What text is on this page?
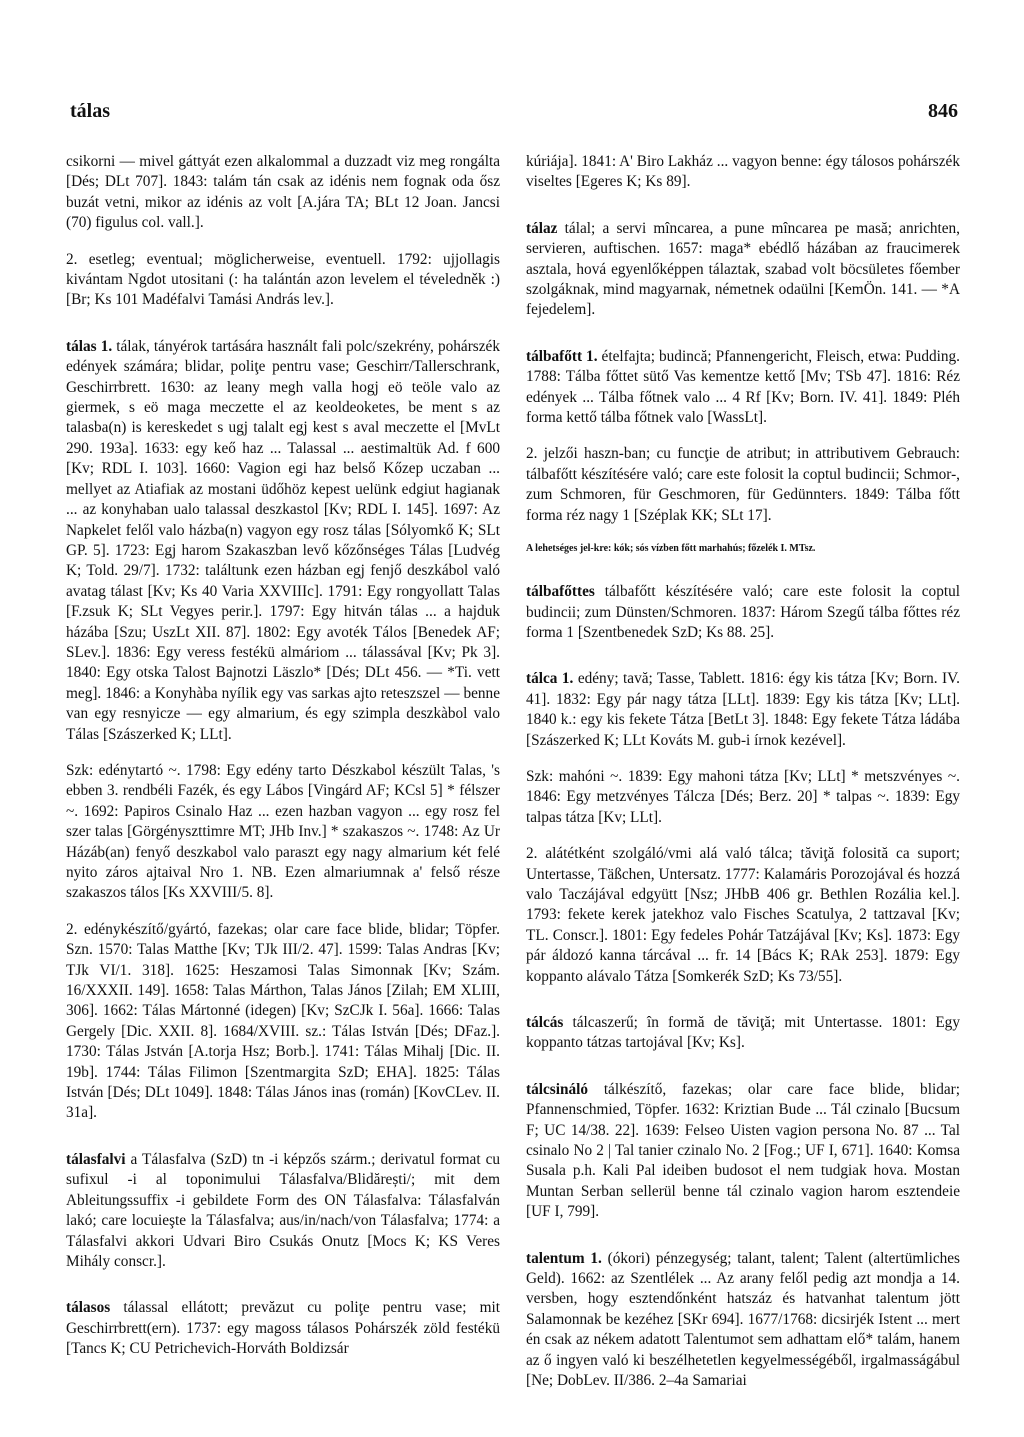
tálas	846

csikorni — mivel gáttyát ezen alkalommal a duzzadt viz meg rongálta [Dés; DLt 707]. 1843: talám tán csak az idénis nem fognak oda ősz buzát vetni, mikor az idénis az volt [A.jára TA; BLt 12 Joan. Jancsi (70) figulus col. vall.].

2. esetleg; eventual; möglicherweise, eventuell. 1792: ujjollagis kivántam Ngdot utositani (: ha talántán azon levelem el téveledněk :) [Br; Ks 101 Madéfalvi Tamási András lev.].

tálas 1. tálak, tányérok tartására használt fali polc/szekrény, pohárszék edények számára; blidar, poliţe pentru vase; Geschirr/Tallerschrank, Geschirrbrett. 1630: az leany megh valla hogj eö teöle valo az giermek, s eö maga meczette el az keoldeoketes, be ment s az talasba(n) is kereskedet s ugj talalt egj kest s aval meczette el [MvLt 290. 193a]. 1633: egy keő haz ... Talassal ... aestimaltük Ad. f 600 [Kv; RDL I. 103]. 1660: Vagion egi haz belső Kőzep uczaban ... mellyet az Atiafiak az mostani üdőhöz kepest uelünk edgiut hagianak ... az konyhaban ualo talassal deszkastol [Kv; RDL I. 145]. 1697: Az Napkelet felől valo házba(n) vagyon egy rosz tálas [Sólyomkő K; SLt GP. 5]. 1723: Egj harom Szakaszban levő kőzőnséges Tálas [Ludvég K; Told. 29/7]. 1732: találtunk ezen házban egj fenjő deszkábol való avatag tálast [Kv; Ks 40 Varia XXVIIIc]. 1791: Egy rongyollatt Talas [F.zsuk K; SLt Vegyes perir.]. 1797: Egy hitván tálas ... a hajduk házába [Szu; UszLt XII. 87]. 1802: Egy avoték Tálos [Benedek AF; SLev.]. 1836: Egy veress festékü almáriom ... tálassával [Kv; Pk 3]. 1840: Egy otska Talost Bajnotzi Läszlo* [Dés; DLt 456. — *Ti. vett meg]. 1846: a Konyhàba nyílik egy vas sarkas ajto reteszszel — benne van egy resnyicze — egy almarium, és egy szimpla deszkàbol valo Tálas [Szászerked K; LLt].

Szk: edénytartó ~. 1798: Egy edény tarto Dészkabol készült Talas, 's ebben 3. rendbéli Fazék, és egy Lábos [Vingárd AF; KCsl 5] * félszer ~. 1692: Papiros Csinalo Haz ... ezen hazban vagyon ... egy rosz fel szer talas [Görgényszttimre MT; JHb Inv.] * szakaszos ~. 1748: Az Ur Házáb(an) fenyő deszkabol valo paraszt egy nagy almarium két felé nyito záros ajtaival Nro 1. NB. Ezen almariumnak a' felső része szakaszos tálos [Ks XXVIII/5. 8].

2. edénykészítő/gyártó, fazekas; olar care face blide, blidar; Töpfer. Szn. 1570: Talas Matthe [Kv; TJk III/2. 47]. 1599: Talas Andras [Kv; TJk VI/1. 318]. 1625: Heszamosi Talas Simonnak [Kv; Szám. 16/XXXII. 149]. 1658: Talas Márthon, Talas János [Zilah; EM XLIII, 306]. 1662: Tálas Mártonné (idegen) [Kv; SzCJk I. 56a]. 1666: Talas Gergely [Dic. XXII. 8]. 1684/XVIII. sz.: Tálas István [Dés; DFaz.]. 1730: Tálas Jstván [A.torja Hsz; Borb.]. 1741: Tálas Mihalj [Dic. II. 19b]. 1744: Tálas Filimon [Szentmargita SzD; EHA]. 1825: Tálas István [Dés; DLt 1049]. 1848: Tálas János inas (román) [KovCLev. II. 31a].

tálasfalvi a Tálasfalva (SzD) tn -i képzős szárm.; derivatul format cu sufixul -i al toponimului Tálasfalva/Blidărești/; mit dem Ableitungssuffix -i gebildete Form des ON Tálasfalva: Tálasfalván lakó; care locuieşte la Tálasfalva; aus/in/nach/von Tálasfalva; 1774: a Tálasfalvi akkori Udvari Biro Csukás Onutz [Mocs K; KS Veres Mihály conscr.].

tálasos tálassal ellátott; prevăzut cu poliţe pentru vase; mit Geschirrbrett(ern). 1737: egy magoss tálasos Pohárszék zöld festékü [Tancs K; CU Petrichevich-Horváth Boldizsár

kúriája]. 1841: A' Biro Lakház ... vagyon benne: égy tálosos pohárszék viseltes [Egeres K; Ks 89].

tálaz tálal; a servi mîncarea, a pune mîncarea pe masă; anrichten, servieren, auftischen. 1657: maga* ebédlő házában az fraucimerek asztala, hová egyenlőképpen tálaztak, szabad volt böcsületes főember szolgáknak, mind magyarnak, németnek odaülni [KemÖn. 141. — *A fejedelem].

tálbafőtt 1. ételfajta; budincă; Pfannengericht, Fleisch, etwa: Pudding. 1788: Tálba főttet sütő Vas kementze kettő [Mv; TSb 47]. 1816: Réz edények ... Tálba főtnek valo ... 4 Rf [Kv; Born. IV. 41]. 1849: Pléh forma kettő tálba főtnek valo [WassLt].

2. jelzői haszn-ban; cu funcţie de atribut; in attributivem Gebrauch: tálbafőtt készítésére való; care este folosit la coptul budincii; Schmor-, zum Schmoren, für Geschmoren, für Gedünnters. 1849: Tálba főtt forma réz nagy 1 [Széplak KK; SLt 17].

A lehetséges jel-kre: kók; sós vízben főtt marhahús; főzelék I. MTsz.

tálbafőttes tálbafőtt készítésére való; care este folosit la coptul budincii; zum Dünsten/Schmoren. 1837: Három Szegű tálba főttes réz forma 1 [Szentbenedek SzD; Ks 88. 25].

tálca 1. edény; tavă; Tasse, Tablett. 1816: égy kis tátza [Kv; Born. IV. 41]. 1832: Egy pár nagy tátza [LLt]. 1839: Egy kis tátza [Kv; LLt]. 1840 k.: egy kis fekete Tátza [BetLt 3]. 1848: Egy fekete Tátza ládába [Szászerked K; LLt Kováts M. gub-i írnok kezével].

Szk: mahóni ~. 1839: Egy mahoni tátza [Kv; LLt] * metszvényes ~. 1846: Egy metzvényes Tálcza [Dés; Berz. 20] * talpas ~. 1839: Egy talpas tátza [Kv; LLt].

2. alátétként szolgáló/vmi alá való tálca; tăviţă folosită ca suport; Untertasse, Täßchen, Untersatz. 1777: Kalamáris Porozojával és hozzá valo Taczájával edgyütt [Nsz; JHbB 406 gr. Bethlen Rozália kel.]. 1793: fekete kerek jatekhoz valo Fisches Scatulya, 2 tattzaval [Kv; TL. Conscr.]. 1801: Egy fedeles Pohár Tatzájával [Kv; Ks]. 1873: Egy pár áldozó kanna tárcával ... fr. 14 [Bács K; RAk 253]. 1879: Egy koppanto alávalo Tátza [Somkerék SzD; Ks 73/55].

tálcás tálcaszerű; în formă de tăviţă; mit Untertasse. 1801: Egy koppanto tátzas tartojával [Kv; Ks].

tálcsináló tálkészítő, fazekas; olar care face blide, blidar; Pfannenschmied, Töpfer. 1632: Kriztian Bude ... Tál czinalo [Bucsum F; UC 14/38. 22]. 1639: Felseo Uisten vagion persona No. 87 ... Tal csinalo No 2 | Tal tanier czinalo No. 2 [Fog.; UF I, 671]. 1640: Komsa Susala p.h. Kali Pal ideiben budosot el nem tudgiak hova. Mostan Muntan Serban sellerül benne tál czinalo vagion harom esztendeie [UF I, 799].

talentum 1. (ókori) pénzegység; talant, talent; Talent (altertümliches Geld). 1662: az Szentlélek ... Az arany felől pedig azt mondja a 14. versben, hogy esztendőnként hatszáz és hatvanhat talentum jött Salamonnak be kezéhez [SKr 694]. 1677/1768: dicsirjék Istent ... mert én csak az nékem adatott Talentumot sem adhattam elő* talám, hanem az ő ingyen való ki beszélhetetlen kegyelmességéből, irgalmasságábul [Ne; DobLev. II/386. 2–4a Samariai
